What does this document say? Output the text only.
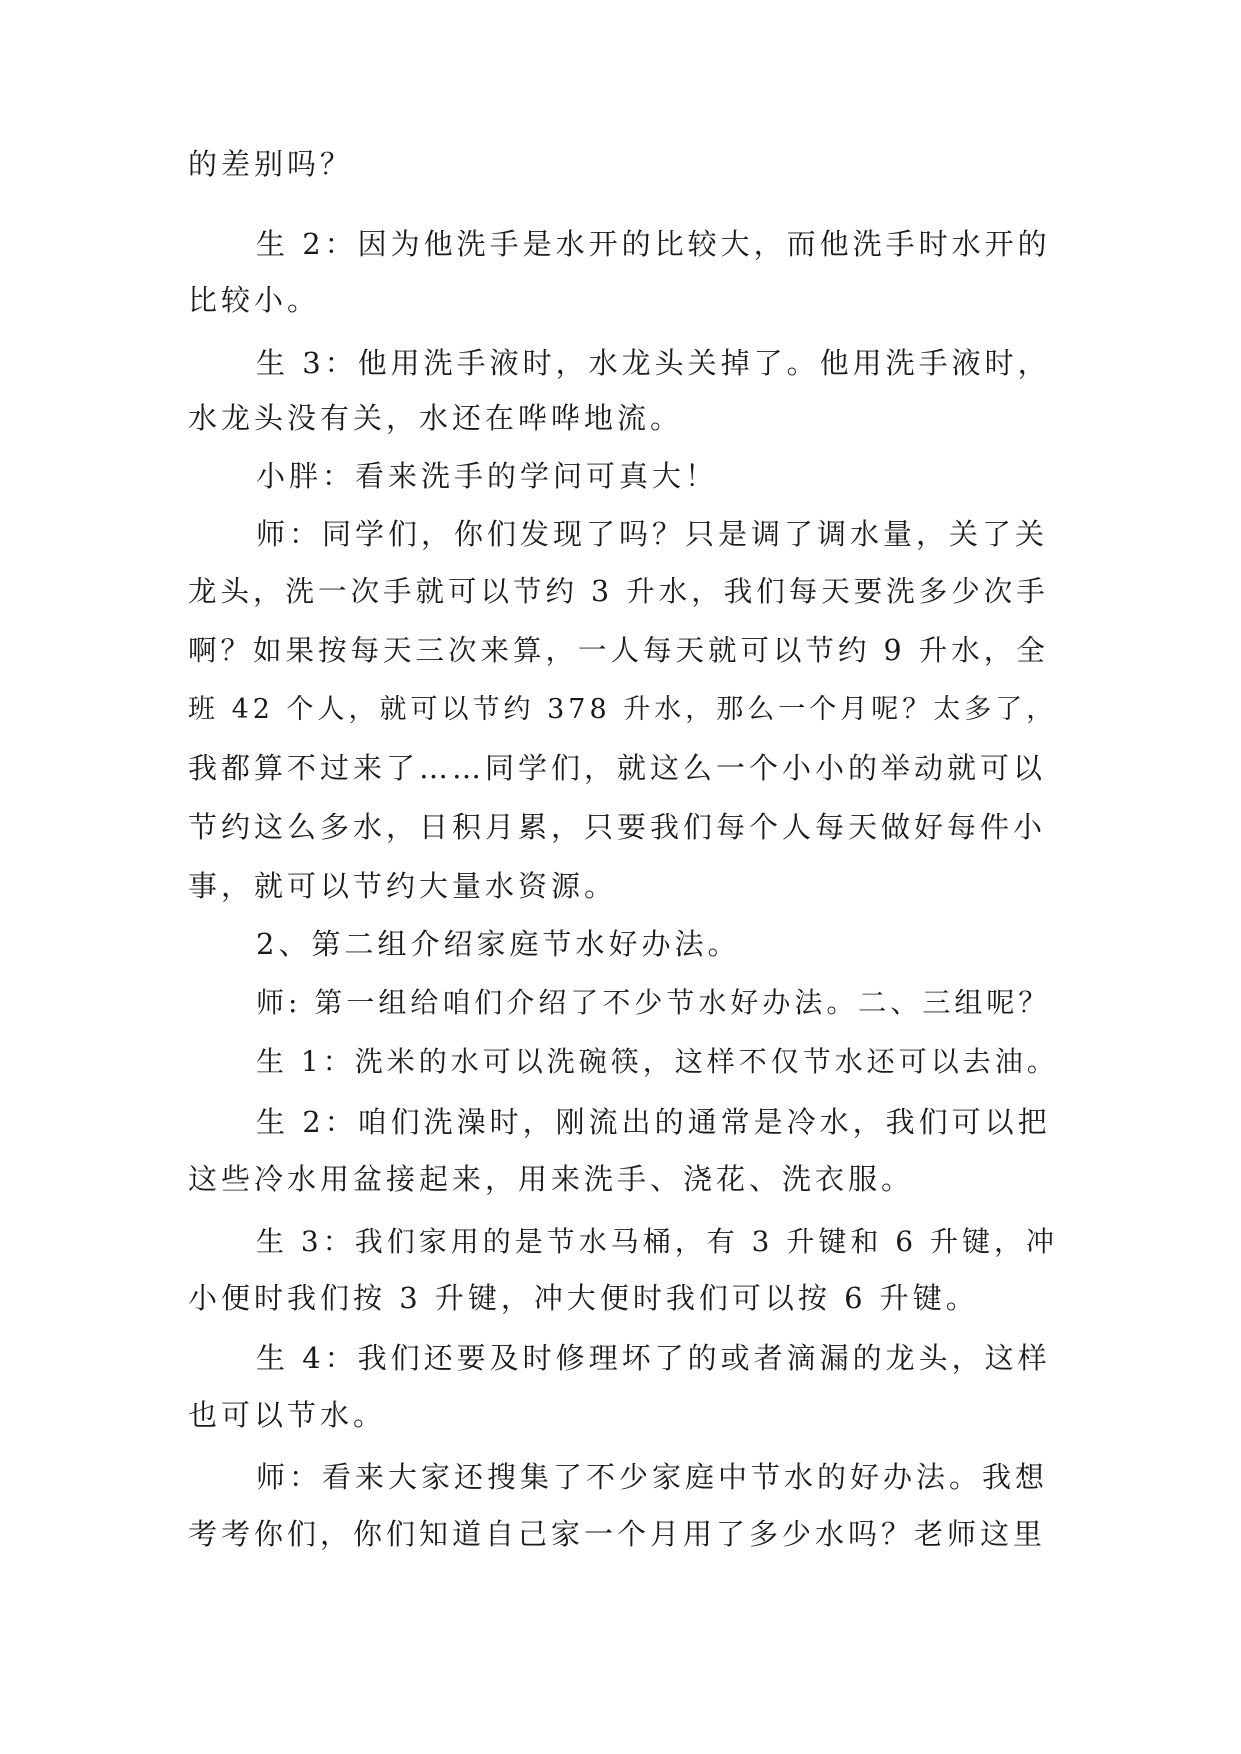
的差别吗？
生 2：因为他洗手是水开的比较大，而他洗手时水开的
比较小。
生 3：他用洗手液时，水龙头关掉了。他用洗手液时，
水龙头没有关，水还在哗哗地流。
小胖：看来洗手的学问可真大！
师：同学们，你们发现了吗？只是调了调水量，关了关
龙头，洗一次手就可以节约 3 升水，我们每天要洗多少次手
啊？如果按每天三次来算，一人每天就可以节约 9 升水，全
班 42 个人，就可以节约 378 升水，那么一个月呢？太多了，
我都算不过来了……同学们，就这么一个小小的举动就可以
节约这么多水，日积月累，只要我们每个人每天做好每件小
事，就可以节约大量水资源。
2、第二组介绍家庭节水好办法。
师: 第一组给咱们介绍了不少节水好办法。二、三组呢？
生 1：洗米的水可以洗碗筷，这样不仅节水还可以去油。
生 2：咱们洗澡时，刚流出的通常是冷水，我们可以把
这些冷水用盆接起来，用来洗手、浇花、洗衣服。
生 3：我们家用的是节水马桶，有 3 升键和 6 升键，冲
小便时我们按 3 升键，冲大便时我们可以按 6 升键。
生 4：我们还要及时修理坏了的或者滴漏的龙头，这样
也可以节水。
师：看来大家还搜集了不少家庭中节水的好办法。我想
考考你们，你们知道自己家一个月用了多少水吗？老师这里
